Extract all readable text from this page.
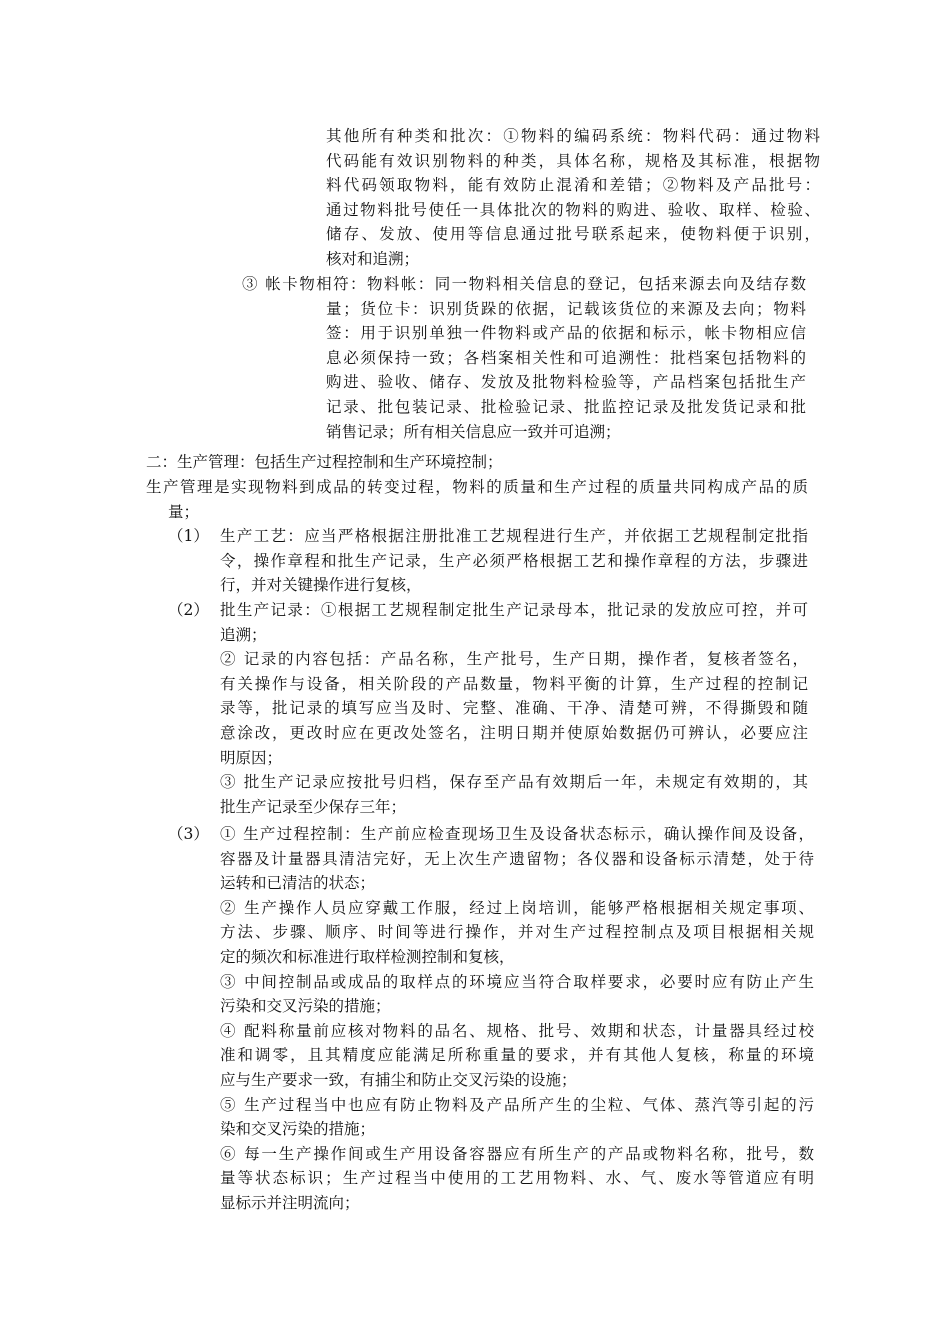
其他所有种类和批次：①物料的编码系统：物料代码：通过物料
代码能有效识别物料的种类，具体名称，规格及其标准，根据物
料代码领取物料，能有效防止混淆和差错；②物料及产品批号：
通过物料批号使任一具体批次的物料的购进、验收、取样、检验、
储存、发放、使用等信息通过批号联系起来，使物料便于识别，
核对和追溯；
③ 帐卡物相符：物料帐：同一物料相关信息的登记，包括来源去向及结存数
量；货位卡：识别货跺的依据，记载该货位的来源及去向；物料
签：用于识别单独一件物料或产品的依据和标示，帐卡物相应信
息必须保持一致；各档案相关性和可追溯性：批档案包括物料的
购进、验收、储存、发放及批物料检验等，产品档案包括批生产
记录、批包装记录、批检验记录、批监控记录及批发货记录和批
销售记录；所有相关信息应一致并可追溯；
二：生产管理：包括生产过程控制和生产环境控制；
生产管理是实现物料到成品的转变过程，物料的质量和生产过程的质量共同构成产品的质
量；
（1） 生产工艺：应当严格根据注册批准工艺规程进行生产，并依据工艺规程制定批指
令，操作章程和批生产记录，生产必须严格根据工艺和操作章程的方法，步骤进
行，并对关键操作进行复核，
（2） 批生产记录：①根据工艺规程制定批生产记录母本，批记录的发放应可控，并可
追溯；
② 记录的内容包括：产品名称，生产批号，生产日期，操作者，复核者签名，
有关操作与设备，相关阶段的产品数量，物料平衡的计算，生产过程的控制记
录等，批记录的填写应当及时、完整、准确、干净、清楚可辨，不得撕毁和随
意涂改，更改时应在更改处签名，注明日期并使原始数据仍可辨认，必要应注
明原因；
③ 批生产记录应按批号归档，保存至产品有效期后一年，未规定有效期的，其
批生产记录至少保存三年；
（3） ① 生产过程控制：生产前应检查现场卫生及设备状态标示，确认操作间及设备，
容器及计量器具清洁完好，无上次生产遗留物；各仪器和设备标示清楚，处于待
运转和已清洁的状态；
② 生产操作人员应穿戴工作服，经过上岗培训，能够严格根据相关规定事项、
方法、步骤、顺序、时间等进行操作，并对生产过程控制点及项目根据相关规
定的频次和标准进行取样检测控制和复核，
③ 中间控制品或成品的取样点的环境应当符合取样要求，必要时应有防止产生
污染和交叉污染的措施；
④ 配料称量前应核对物料的品名、规格、批号、效期和状态，计量器具经过校
准和调零，且其精度应能满足所称重量的要求，并有其他人复核，称量的环境
应与生产要求一致，有捕尘和防止交叉污染的设施；
⑤ 生产过程当中也应有防止物料及产品所产生的尘粒、气体、蒸汽等引起的污
染和交叉污染的措施；
⑥ 每一生产操作间或生产用设备容器应有所生产的产品或物料名称，批号，数
量等状态标识；生产过程当中使用的工艺用物料、水、气、废水等管道应有明
显标示并注明流向；
